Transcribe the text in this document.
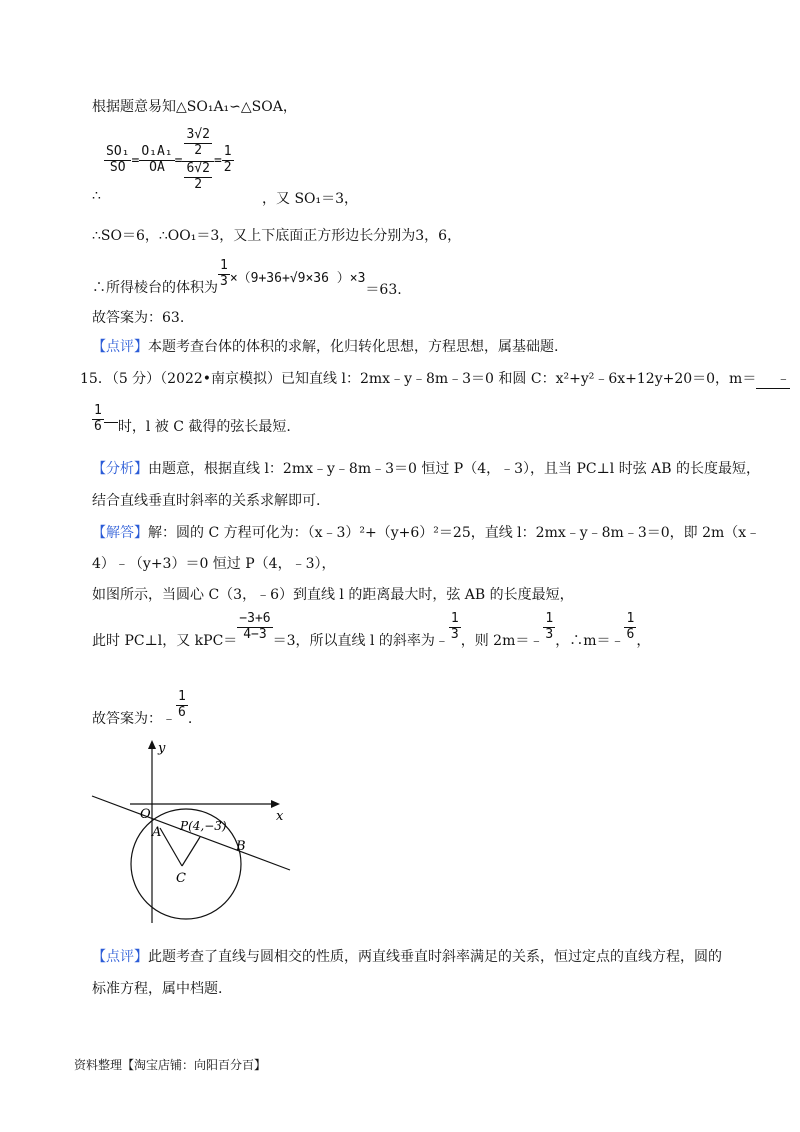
根据题意易知△SO₁A₁∽△SOA，
$\frac{\text{SO₁}}{SO} = \frac{\text{O₁A₁}}{OA} = \frac{\frac{3√2}{2}}{\frac{6√2}{2}} = \frac{1}{2}$
∴	，又 SO₁＝3，
∴SO＝6，∴OO₁＝3，又上下底面正方形边长分别为3，6，
∴所得棱台的体积为 $\frac{1}{3} \times(9+36+√9\times 36$ ）×3＝63.
故答案为：63.
【点评】本题考查台体的体积的求解，化归转化思想，方程思想，属基础题.
15．（5 分）（2022•南京模拟）已知直线 l：2mx﹣y﹣8m﹣3＝0 和圆 C：x²+y²﹣6x+12y+20＝0，m＝ ﹣
$\frac{1}{6}$ 时，l 被 C 截得的弦长最短.
【分析】由题意，根据直线 l：2mx﹣y﹣8m﹣3＝0 恒过 P（4，﹣3），且当 PC⊥l 时弦 AB 的长度最短，
结合直线垂直时斜率的关系求解即可.
【解答】解：圆的 C 方程可化为：（x﹣3）²+（y+6）²＝25，直线 l：2mx﹣y﹣8m﹣3＝0，即 2m（x﹣
4）﹣（y+3）＝0 恒过 P（4，﹣3），
如图所示，当圆心 C（3，﹣6）到直线 l 的距离最大时，弦 AB 的长度最短，
此时 PC⊥l，又 $kPC= \frac{-3+6}{4-3} =3$，所以直线 l 的斜率为﹣ $\frac{1}{3}$ ，则 2m＝﹣ $\frac{1}{3}$ ，∴m＝﹣ $\frac{1}{6}$ ，
故答案为：﹣ $\frac{1}{6}$ .
y
x
O
A P(4,−3)
B
C
【点评】此题考查了直线与圆相交的性质，两直线垂直时斜率满足的关系，恒过定点的直线方程，圆的
标准方程，属中档题.
资料整理【淘宝店铺：向阳百分百】
